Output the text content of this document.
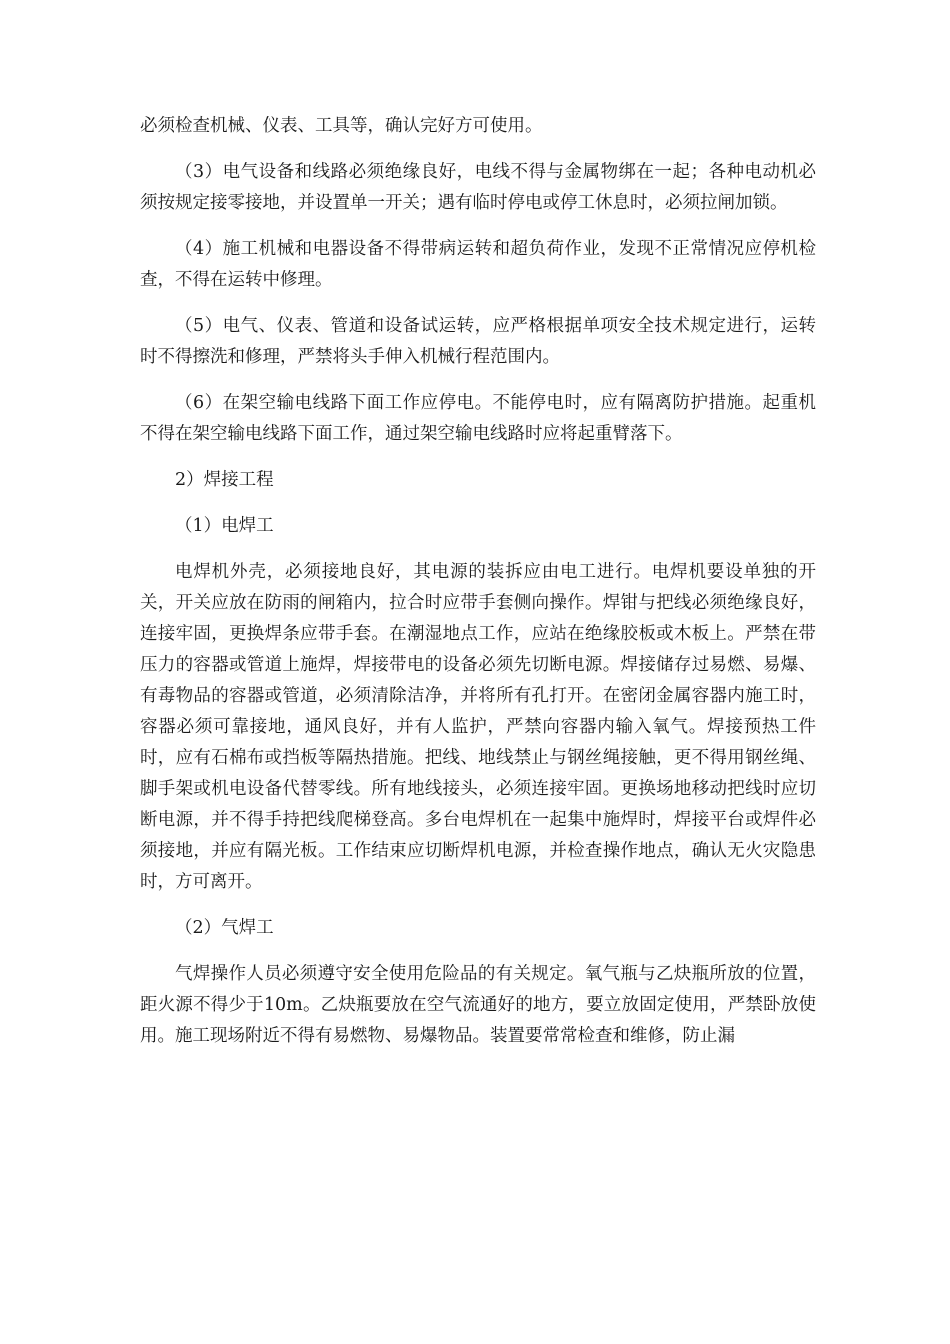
必须检查机械、仪表、工具等，确认完好方可使用。

（3）电气设备和线路必须绝缘良好，电线不得与金属物绑在一起；各种电动机必须按规定接零接地，并设置单一开关；遇有临时停电或停工休息时，必须拉闸加锁。

（4）施工机械和电器设备不得带病运转和超负荷作业，发现不正常情况应停机检查，不得在运转中修理。

（5）电气、仪表、管道和设备试运转，应严格根据单项安全技术规定进行，运转时不得擦洗和修理，严禁将头手伸入机械行程范围内。

（6）在架空输电线路下面工作应停电。不能停电时，应有隔离防护措施。起重机不得在架空输电线路下面工作，通过架空输电线路时应将起重臂落下。

2）焊接工程

（1）电焊工

电焊机外壳，必须接地良好，其电源的装拆应由电工进行。电焊机要设单独的开关，开关应放在防雨的闸箱内，拉合时应带手套侧向操作。焊钳与把线必须绝缘良好，连接牢固，更换焊条应带手套。在潮湿地点工作，应站在绝缘胶板或木板上。严禁在带压力的容器或管道上施焊，焊接带电的设备必须先切断电源。焊接储存过易燃、易爆、有毒物品的容器或管道，必须清除洁净，并将所有孔打开。在密闭金属容器内施工时，容器必须可靠接地，通风良好，并有人监护，严禁向容器内输入氧气。焊接预热工件时，应有石棉布或挡板等隔热措施。把线、地线禁止与钢丝绳接触，更不得用钢丝绳、脚手架或机电设备代替零线。所有地线接头，必须连接牢固。更换场地移动把线时应切断电源，并不得手持把线爬梯登高。多台电焊机在一起集中施焊时，焊接平台或焊件必须接地，并应有隔光板。工作结束应切断焊机电源，并检查操作地点，确认无火灾隐患时，方可离开。

（2）气焊工

气焊操作人员必须遵守安全使用危险品的有关规定。氧气瓶与乙炔瓶所放的位置，距火源不得少于10m。乙炔瓶要放在空气流通好的地方，要立放固定使用，严禁卧放使用。施工现场附近不得有易燃物、易爆物品。装置要常常检查和维修，防止漏
